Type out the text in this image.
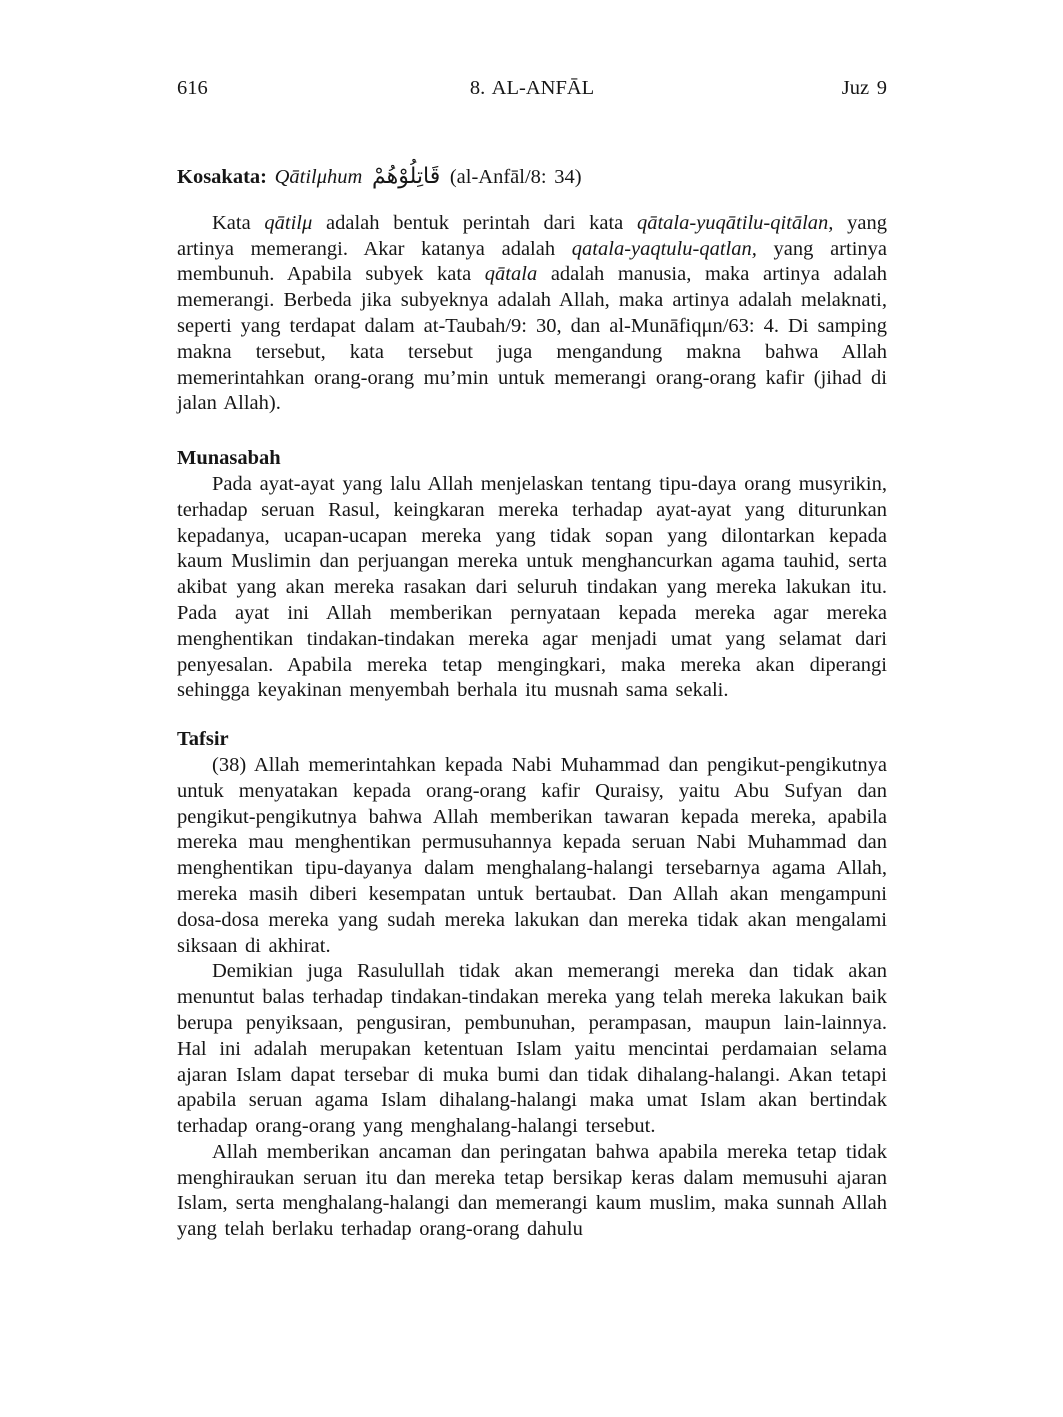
616	8. AL-ANFĀL	Juz 9
Kosakata: Qātilμhum قَاتِلُوْهُمْ (al-Anfāl/8: 34)

Kata qātilμ adalah bentuk perintah dari kata qātala-yuqātilu-qitālan, yang artinya memerangi. Akar katanya adalah qatala-yaqtulu-qatlan, yang artinya membunuh. Apabila subyek kata qātala adalah manusia, maka artinya adalah memerangi. Berbeda jika subyeknya adalah Allah, maka artinya adalah melaknati, seperti yang terdapat dalam at-Taubah/9: 30, dan al-Munāfiqμn/63: 4. Di samping makna tersebut, kata tersebut juga mengandung makna bahwa Allah memerintahkan orang-orang mu’min untuk memerangi orang-orang kafir (jihad di jalan Allah).

Munasabah

Pada ayat-ayat yang lalu Allah menjelaskan tentang tipu-daya orang musyrikin, terhadap seruan Rasul, keingkaran mereka terhadap ayat-ayat yang diturunkan kepadanya, ucapan-ucapan mereka yang tidak sopan yang dilontarkan kepada kaum Muslimin dan perjuangan mereka untuk menghancurkan agama tauhid, serta akibat yang akan mereka rasakan dari seluruh tindakan yang mereka lakukan itu. Pada ayat ini Allah memberikan pernyataan kepada mereka agar mereka menghentikan tindakan-tindakan mereka agar menjadi umat yang selamat dari penyesalan. Apabila mereka tetap mengingkari, maka mereka akan diperangi sehingga keyakinan menyembah berhala itu musnah sama sekali.

Tafsir

(38) Allah memerintahkan kepada Nabi Muhammad dan pengikut-pengikutnya untuk menyatakan kepada orang-orang kafir Quraisy, yaitu Abu Sufyan dan pengikut-pengikutnya bahwa Allah memberikan tawaran kepada mereka, apabila mereka mau menghentikan permusuhannya kepada seruan Nabi Muhammad dan menghentikan tipu-dayanya dalam menghalang-halangi tersebarnya agama Allah, mereka masih diberi kesempatan untuk bertaubat. Dan Allah akan mengampuni dosa-dosa mereka yang sudah mereka lakukan dan mereka tidak akan mengalami siksaan di akhirat.

Demikian juga Rasulullah tidak akan memerangi mereka dan tidak akan menuntut balas terhadap tindakan-tindakan mereka yang telah mereka lakukan baik berupa penyiksaan, pengusiran, pembunuhan, perampasan, maupun lain-lainnya. Hal ini adalah merupakan ketentuan Islam yaitu mencintai perdamaian selama ajaran Islam dapat tersebar di muka bumi dan tidak dihalang-halangi. Akan tetapi apabila seruan agama Islam dihalang-halangi maka umat Islam akan bertindak terhadap orang-orang yang menghalang-halangi tersebut.

Allah memberikan ancaman dan peringatan bahwa apabila mereka tetap tidak menghiraukan seruan itu dan mereka tetap bersikap keras dalam memusuhi ajaran Islam, serta menghalang-halangi dan memerangi kaum muslim, maka sunnah Allah yang telah berlaku terhadap orang-orang dahulu
